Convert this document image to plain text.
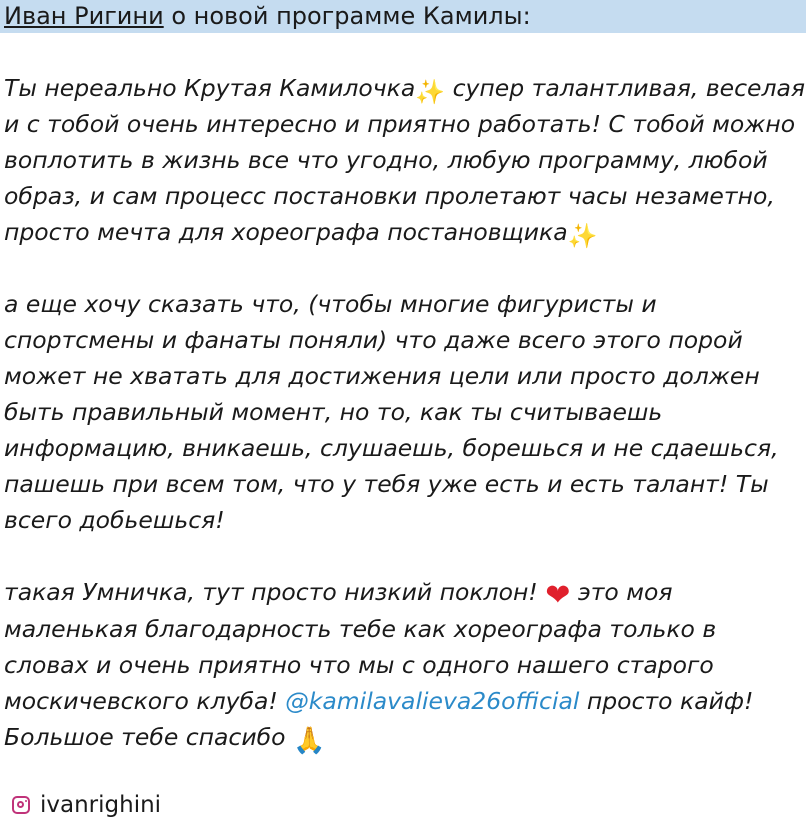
Иван Ригини о новой программе Камилы:

Ты нереально Крутая Камилочка✨ супер талантливая, веселая и с тобой очень интересно и приятно работать! С тобой можно воплотить в жизнь все что угодно, любую программу, любой образ, и сам процесс постановки пролетают часы незаметно, просто мечта для хореографа постановщика✨

а еще хочу сказать что, (чтобы многие фигуристы и спортсмены и фанаты поняли) что даже всего этого порой может не хватать для достижения цели или просто должен быть правильный момент, но то, как ты считываешь информацию, вникаешь, слушаешь, борешься и не сдаешься, пашешь при всем том, что у тебя уже есть и есть талант! Ты всего добьешься!

такая Умничка, тут просто низкий поклон! ❤ это моя маленькая благодарность тебе как хореографа только в словах и очень приятно что мы с одного нашего старого москичевского клуба! @kamilavalieva26official просто кайф! Большое тебе спасибо 🙏

ivanrighini
